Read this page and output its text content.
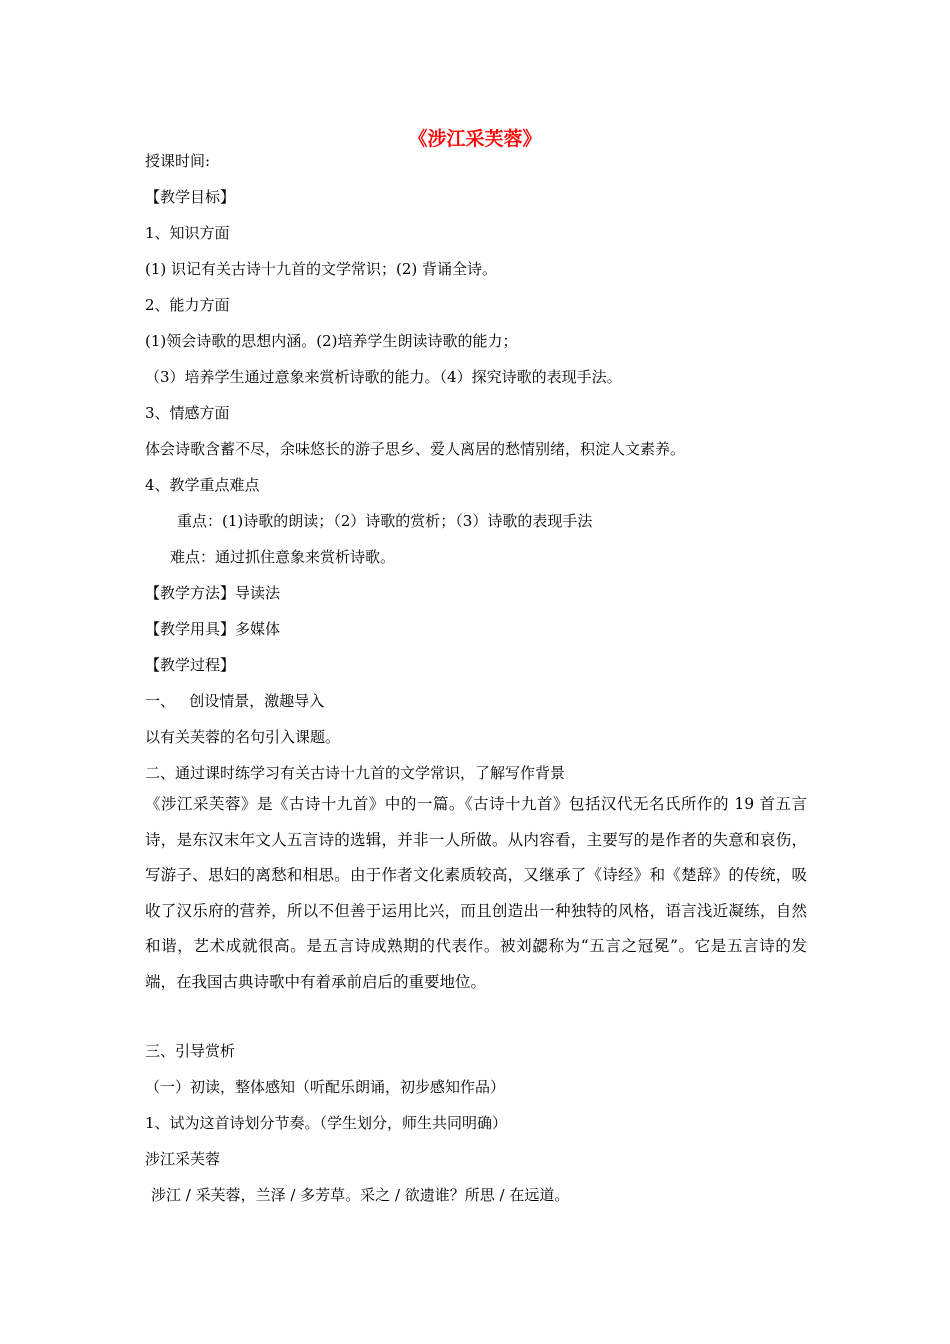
《涉江采芙蓉》
授课时间:
【教学目标】
1、知识方面
(1) 识记有关古诗十九首的文学常识；(2) 背诵全诗。
2、能力方面
(1)领会诗歌的思想内涵。(2)培养学生朗读诗歌的能力；
（3）培养学生通过意象来赏析诗歌的能力。（4）探究诗歌的表现手法。
3、情感方面
体会诗歌含蓄不尽，余味悠长的游子思乡、爱人离居的愁情别绪，积淀人文素养。
4、教学重点难点
重点：(1)诗歌的朗读；（2）诗歌的赏析；（3）诗歌的表现手法
难点：通过抓住意象来赏析诗歌。
【教学方法】导读法
【教学用具】多媒体
【教学过程】
一、   创设情景，激趣导入
以有关芙蓉的名句引入课题。
二、通过课时练学习有关古诗十九首的文学常识，了解写作背景
《涉江采芙蓉》是《古诗十九首》中的一篇。《古诗十九首》包括汉代无名氏所作的 19 首五言诗，是东汉末年文人五言诗的选辑，并非一人所做。从内容看，主要写的是作者的失意和哀伤，写游子、思妇的离愁和相思。由于作者文化素质较高，又继承了《诗经》和《楚辞》的传统，吸收了汉乐府的营养，所以不但善于运用比兴，而且创造出一种独特的风格，语言浅近凝练，自然和谐，艺术成就很高。是五言诗成熟期的代表作。被刘勰称为“五言之冠冕”。它是五言诗的发端，在我国古典诗歌中有着承前启后的重要地位。
三、引导赏析
（一）初读，整体感知（听配乐朗诵，初步感知作品）
1、试为这首诗划分节奏。（学生划分，师生共同明确）
涉江采芙蓉
涉江 / 采芙蓉，兰泽 / 多芳草。采之 / 欲遗谁？所思 / 在远道。
